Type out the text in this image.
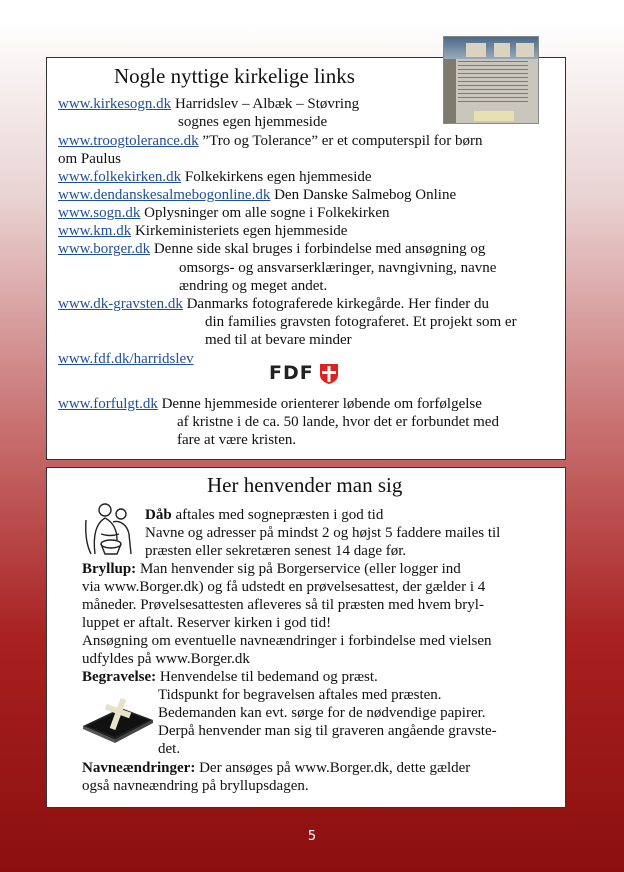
Nogle nyttige kirkelige links
www.kirkesogn.dk Harridslev – Albæk – Støvring
sognes egen hjemmeside
www.troogtolerance.dk ”Tro og Tolerance” er et computerspil for børn
om Paulus
www.folkekirken.dk Folkekirkens egen hjemmeside
www.dendanskesalmebogonline.dk Den Danske Salmebog Online
www.sogn.dk Oplysninger om alle sogne i Folkekirken
www.km.dk Kirkeministeriets egen hjemmeside
www.borger.dk Denne side skal bruges i forbindelse med ansøgning og
omsorgs- og ansvarserklæringer, navngivning, navne
ændring og meget andet.
www.dk-gravsten.dk Danmarks fotograferede kirkegårde. Her finder du
din families gravsten fotograferet. Et projekt som er
med til at bevare minder
www.fdf.dk/harridslev
FDF
www.forfulgt.dk Denne hjemmeside orienterer løbende om forfølgelse
af kristne i de ca. 50 lande, hvor det er forbundet med
fare at være kristen.
Her henvender man sig
Dåb aftales med sognepræsten i god tid
Navne og adresser på mindst 2 og højst 5 faddere mailes til
præsten eller sekretæren senest 14 dage før.
Bryllup: Man henvender sig på Borgerservice (eller logger ind
via www.Borger.dk) og få udstedt en prøvelsesattest, der gælder i 4
måneder. Prøvelsesattesten afleveres så til præsten med hvem bryl-
luppet er aftalt. Reserver kirken i god tid!
Ansøgning om eventuelle navneændringer i forbindelse med vielsen
udfyldes på www.Borger.dk
Begravelse: Henvendelse til bedemand og præst.
Tidspunkt for begravelsen aftales med præsten.
Bedemanden kan evt. sørge for de nødvendige papirer.
Derpå henvender man sig til graveren angående gravste-
det.
Navneændringer: Der ansøges på www.Borger.dk, dette gælder
også navneændring på bryllupsdagen.
5
